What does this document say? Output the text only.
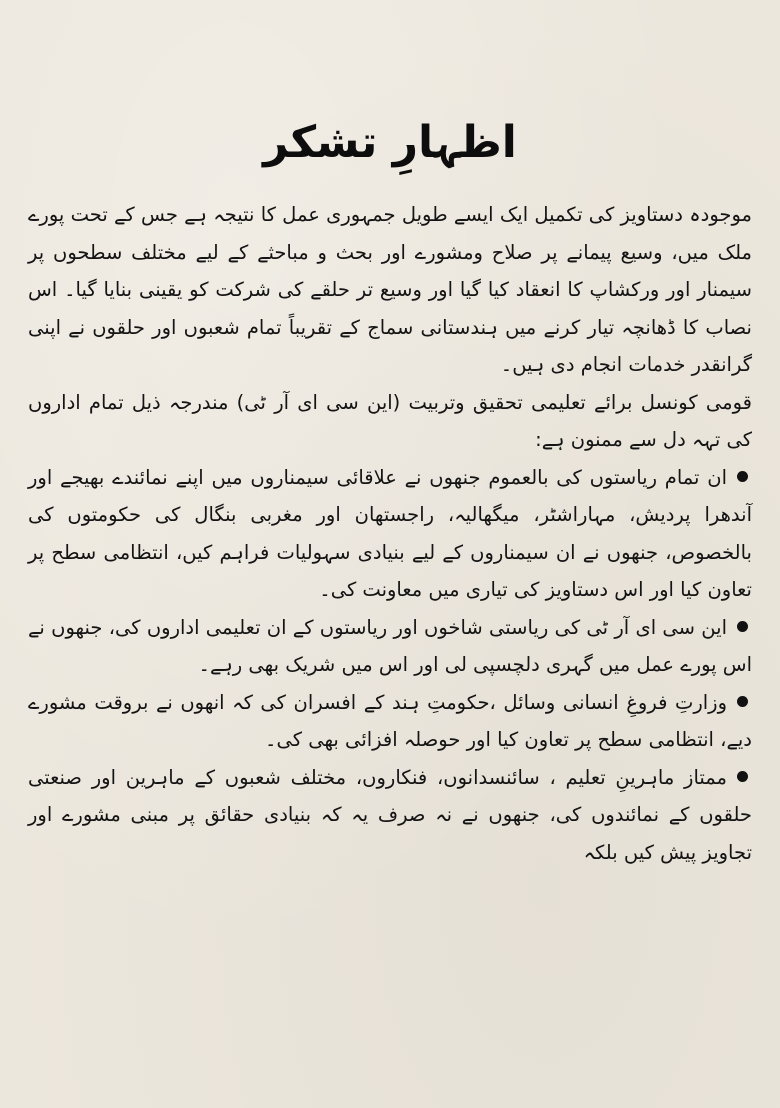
اظہارِ تشکر

موجودہ دستاویز کی تکمیل ایک ایسے طویل جمہوری عمل کا نتیجہ ہے جس کے تحت پورے ملک میں، وسیع پیمانے پر صلاح ومشورے اور بحث و مباحثے کے لیے مختلف سطحوں پر سیمنار اور ورکشاپ کا انعقاد کیا گیا اور وسیع تر حلقے کی شرکت کو یقینی بنایا گیا۔ اس نصاب کا ڈھانچہ تیار کرنے میں ہندستانی سماج کے تقریباً تمام شعبوں اور حلقوں نے اپنی گرانقدر خدمات انجام دی ہیں۔

قومی کونسل برائے تعلیمی تحقیق وتربیت (این سی ای آر ٹی) مندرجہ ذیل تمام اداروں کی تہہ دل سے ممنون ہے:

ان تمام ریاستوں کی بالعموم جنھوں نے علاقائی سیمناروں میں اپنے نمائندے بھیجے اور آندھرا پردیش، مہاراشٹر، میگھالیہ، راجستھان اور مغربی بنگال کی حکومتوں کی بالخصوص، جنھوں نے ان سیمناروں کے لیے بنیادی سہولیات فراہم کیں، انتظامی سطح پر تعاون کیا اور اس دستاویز کی تیاری میں معاونت کی۔

این سی ای آر ٹی کی ریاستی شاخوں اور ریاستوں کے ان تعلیمی اداروں کی، جنھوں نے اس پورے عمل میں گہری دلچسپی لی اور اس میں شریک بھی رہے۔

وزارتِ فروغِ انسانی وسائل ،حکومتِ ہند کے افسران کی کہ انھوں نے بروقت مشورے دیے، انتظامی سطح پر تعاون کیا اور حوصلہ افزائی بھی کی۔

ممتاز ماہرینِ تعلیم ، سائنسدانوں، فنکاروں، مختلف شعبوں کے ماہرین اور صنعتی حلقوں کے نمائندوں کی، جنھوں نے نہ صرف یہ کہ بنیادی حقائق پر مبنی مشورے اور تجاویز پیش کیں بلکہ
